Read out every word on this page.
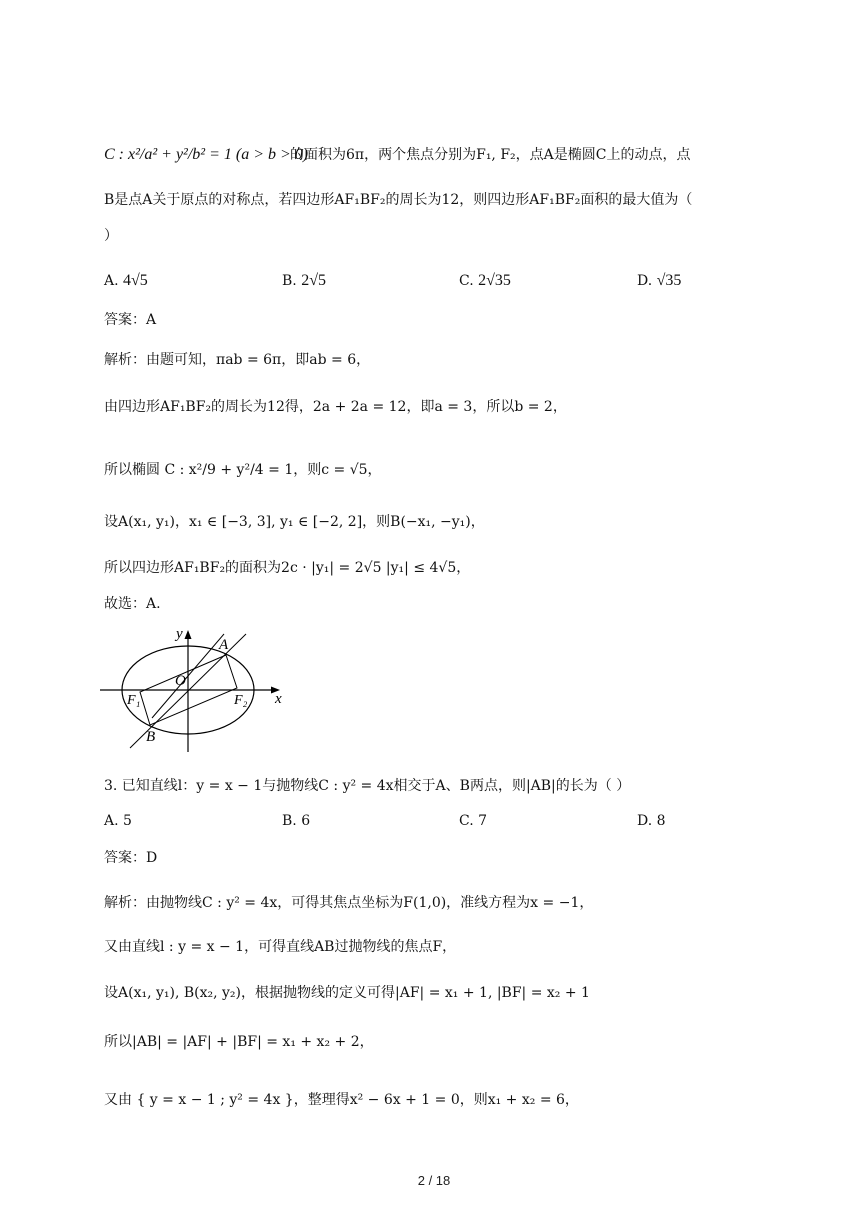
C : x²/a² + y²/b² = 1 (a > b > 0)
的面积为6π，两个焦点分别为F₁, F₂，点A是椭圆C上的动点，点
B是点A关于原点的对称点，若四边形AF₁BF₂的周长为12，则四边形AF₁BF₂面积的最大值为（
）
A. 4√5	B. 2√5	C. 2√35	D. √35
答案：A
解析：由题可知，πab = 6π，即ab = 6，
由四边形AF₁BF₂的周长为12得，2a + 2a = 12，即a = 3，所以b = 2，
所以椭圆 C : x²/9 + y²/4 = 1，则c = √5，
设A(x₁, y₁)，x₁ ∈ [−3, 3], y₁ ∈ [−2, 2]，则B(−x₁, −y₁)，
所以四边形AF₁BF₂的面积为2c · |y₁| = 2√5 |y₁| ≤ 4√5，
故选：A.
y
x
A
O
F₁	F₂
B
3. 已知直线l：y = x − 1与抛物线C : y² = 4x相交于A、B两点，则|AB|的长为（ ）
A. 5	B. 6	C. 7	D. 8
答案：D
解析：由抛物线C : y² = 4x，可得其焦点坐标为F(1,0)，准线方程为x = −1，
又由直线l : y = x − 1，可得直线AB过抛物线的焦点F，
设A(x₁, y₁), B(x₂, y₂)，根据抛物线的定义可得|AF| = x₁ + 1, |BF| = x₂ + 1
所以|AB| = |AF| + |BF| = x₁ + x₂ + 2，
又由 { y = x − 1 ; y² = 4x }，整理得x² − 6x + 1 = 0，则x₁ + x₂ = 6，
2 / 18
